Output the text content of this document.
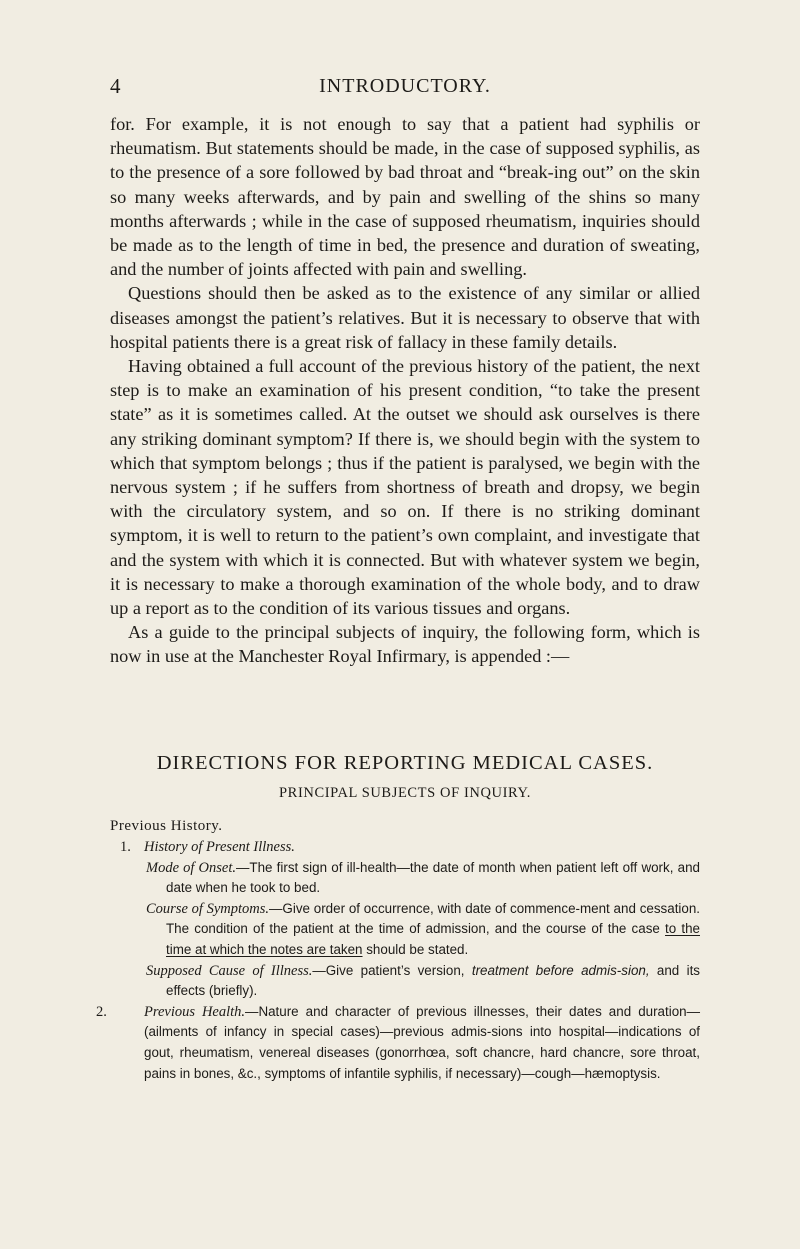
4	INTRODUCTORY.

for. For example, it is not enough to say that a patient had syphilis or rheumatism. But statements should be made, in the case of supposed syphilis, as to the presence of a sore followed by bad throat and “break-ing out” on the skin so many weeks afterwards, and by pain and swelling of the shins so many months afterwards ; while in the case of supposed rheumatism, inquiries should be made as to the length of time in bed, the presence and duration of sweating, and the number of joints affected with pain and swelling.

Questions should then be asked as to the existence of any similar or allied diseases amongst the patient’s relatives. But it is necessary to observe that with hospital patients there is a great risk of fallacy in these family details.

Having obtained a full account of the previous history of the patient, the next step is to make an examination of his present condition, “to take the present state” as it is sometimes called. At the outset we should ask ourselves is there any striking dominant symptom? If there is, we should begin with the system to which that symptom belongs ; thus if the patient is paralysed, we begin with the nervous system ; if he suffers from shortness of breath and dropsy, we begin with the circulatory system, and so on. If there is no striking dominant symptom, it is well to return to the patient’s own complaint, and investigate that and the system with which it is connected. But with whatever system we begin, it is necessary to make a thorough examination of the whole body, and to draw up a report as to the condition of its various tissues and organs.

As a guide to the principal subjects of inquiry, the following form, which is now in use at the Manchester Royal Infirmary, is appended :—

DIRECTIONS FOR REPORTING MEDICAL CASES.
PRINCIPAL SUBJECTS OF INQUIRY.
Previous History.
1. History of Present Illness.
Mode of Onset.—The first sign of ill-health—the date of month when patient left off work, and date when he took to bed.
Course of Symptoms.—Give order of occurrence, with date of commence-ment and cessation. The condition of the patient at the time of admission, and the course of the case to the time at which the notes are taken should be stated.
Supposed Cause of Illness.—Give patient’s version, treatment before admis-sion, and its effects (briefly).
2.	Previous Health.—Nature and character of previous illnesses, their dates and duration—(ailments of infancy in special cases)—previous admis-sions into hospital—indications of gout, rheumatism, venereal diseases (gonorrhœa, soft chancre, hard chancre, sore throat, pains in bones, &c., symptoms of infantile syphilis, if necessary)—cough—hæmoptysis.
